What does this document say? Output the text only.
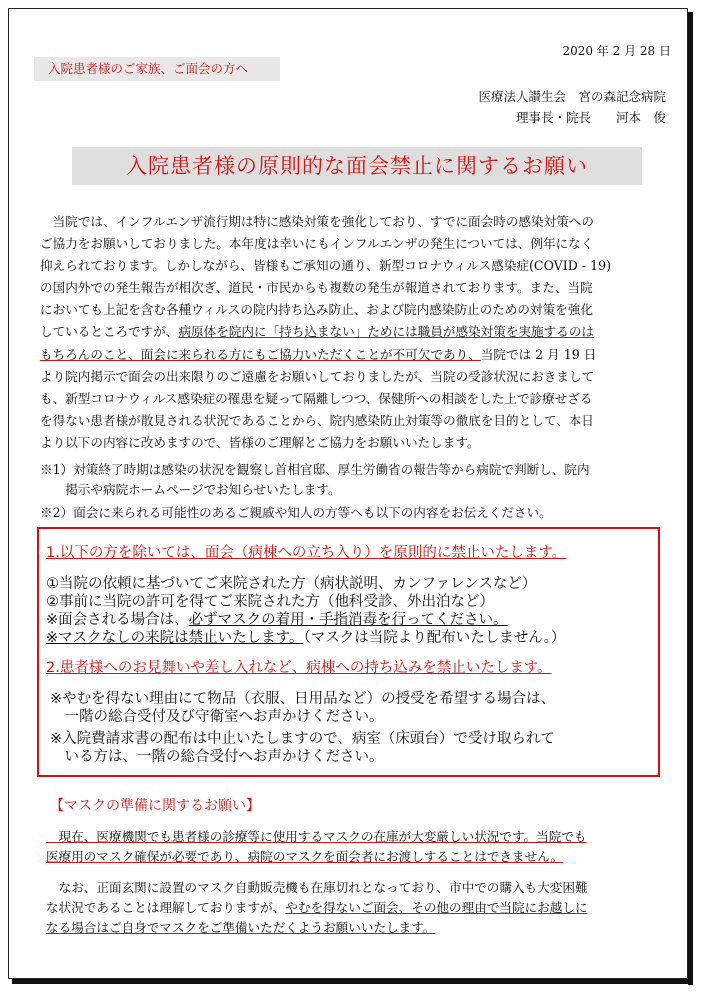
2020 年 2 月 28 日
入院患者様のご家族、ご面会の方へ
医療法人讃生会　宮の森記念病院
理事長・院長　　河本　俊
入院患者様の原則的な面会禁止に関するお願い
　当院では、インフルエンザ流行期は特に感染対策を強化しており、すでに面会時の感染対策への
ご協力をお願いしておりました。本年度は幸いにもインフルエンザの発生については、例年になく
抑えられております。しかしながら、皆様もご承知の通り、新型コロナウィルス感染症(COVID - 19)
の国内外での発生報告が相次ぎ、道民・市民からも複数の発生が報道されております。また、当院
においても上記を含む各種ウィルスの院内持ち込み防止、および院内感染防止のための対策を強化
しているところですが、病原体を院内に「持ち込まない」ためには職員が感染対策を実施するのは
もちろんのこと、面会に来られる方にもご協力いただくことが不可欠であり、当院では 2 月 19 日
より院内掲示で面会の出来限りのご遠慮をお願いしておりましたが、当院の受診状況におきまして
も、新型コロナウィルス感染症の罹患を疑って隔離しつつ、保健所への相談をした上で診療せざる
を得ない患者様が散見される状況であることから、院内感染防止対策等の徹底を目的として、本日
より以下の内容に改めますので、皆様のご理解とご協力をお願いいたします。
※1）対策終了時期は感染の状況を観察し首相官邸、厚生労働省の報告等から病院で判断し、院内
　　掲示や病院ホームページでお知らせいたします。
※2）面会に来られる可能性のあるご親戚や知人の方等へも以下の内容をお伝えください。
1.以下の方を除いては、面会（病棟への立ち入り）を原則的に禁止いたします。
①当院の依頼に基づいてご来院された方（病状説明、カンファレンスなど）
②事前に当院の許可を得てご来院された方（他科受診、外出泊など）
※面会される場合は、必ずマスクの着用・手指消毒を行ってください。
※マスクなしの来院は禁止いたします。（マスクは当院より配布いたしません。）
2.患者様へのお見舞いや差し入れなど、病棟への持ち込みを禁止いたします。
※やむを得ない理由にて物品（衣服、日用品など）の授受を希望する場合は、
　一階の総合受付及び守衛室へお声かけください。
※入院費請求書の配布は中止いたしますので、病室（床頭台）で受け取られて
　いる方は、一階の総合受付へお声かけください。
【マスクの準備に関するお願い】
　現在、医療機関でも患者様の診療等に使用するマスクの在庫が大変厳しい状況です。当院でも
医療用のマスク確保が必要であり、病院のマスクを面会者にお渡しすることはできません。
　なお、正面玄関に設置のマスク自動販売機も在庫切れとなっており、市中での購入も大変困難
な状況であることは理解しておりますが、やむを得ないご面会、その他の理由で当院にお越しに
なる場合はご自身でマスクをご準備いただくようお願いいたします。
